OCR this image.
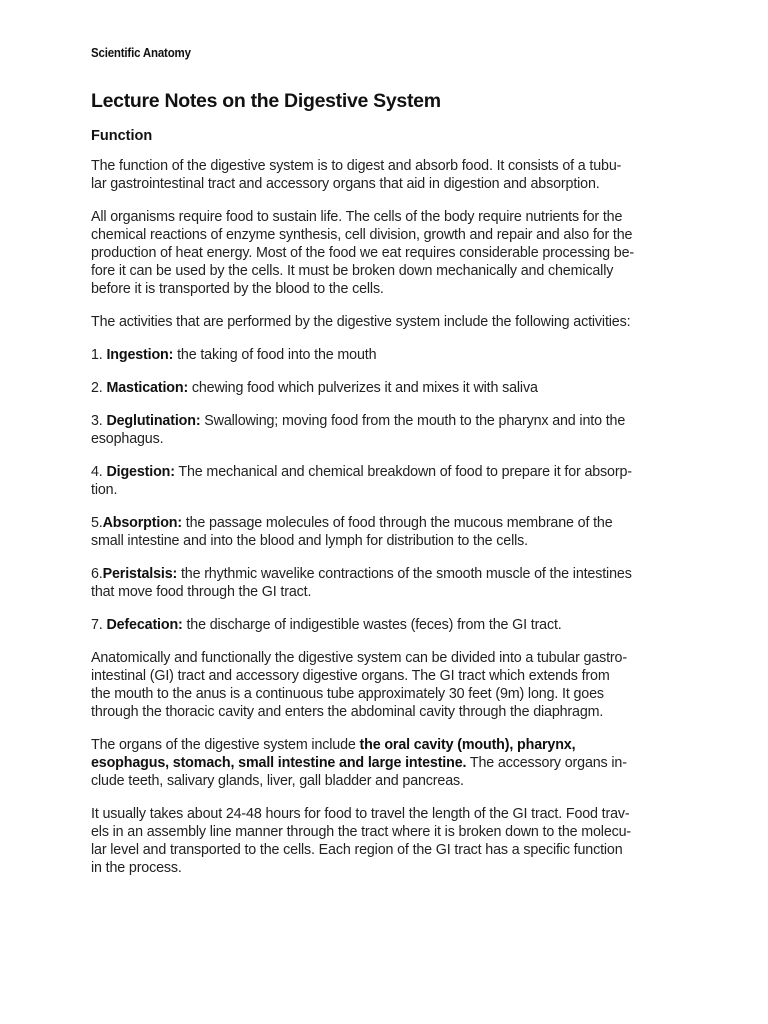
Scientific Anatomy
Lecture Notes on the Digestive System
Function

The function of the digestive system is to digest and absorb food. It consists of a tubu-
lar gastrointestinal tract and accessory organs that aid in digestion and absorption.

All organisms require food to sustain life. The cells of the body require nutrients for the
chemical reactions of enzyme synthesis, cell division, growth and repair and also for the
production of heat energy. Most of the food we eat requires considerable processing be-
fore it can be used by the cells. It must be broken down mechanically and chemically
before it is transported by the blood to the cells.

The activities that are performed by the digestive system include the following activities:

1. Ingestion: the taking of food into the mouth

2. Mastication: chewing food which pulverizes it and mixes it with saliva

3. Deglutination: Swallowing; moving food from the mouth to the pharynx and into the
esophagus.

4. Digestion: The mechanical and chemical breakdown of food to prepare it for absorp-
tion.

5.Absorption: the passage molecules of food through the mucous membrane of the
small intestine and into the blood and lymph for distribution to the cells.

6.Peristalsis: the rhythmic wavelike contractions of the smooth muscle of the intestines
that move food through the GI tract.

7. Defecation: the discharge of indigestible wastes (feces) from the GI tract.

Anatomically and functionally the digestive system can be divided into a tubular gastro-
intestinal (GI) tract and accessory digestive organs. The GI tract which extends from
the mouth to the anus is a continuous tube approximately 30 feet (9m) long. It goes
through the thoracic cavity and enters the abdominal cavity through the diaphragm.

The organs of the digestive system include the oral cavity (mouth), pharynx,
esophagus, stomach, small intestine and large intestine. The accessory organs in-
clude teeth, salivary glands, liver, gall bladder and pancreas.

It usually takes about 24-48 hours for food to travel the length of the GI tract. Food trav-
els in an assembly line manner through the tract where it is broken down to the molecu-
lar level and transported to the cells. Each region of the GI tract has a specific function
in the process.
